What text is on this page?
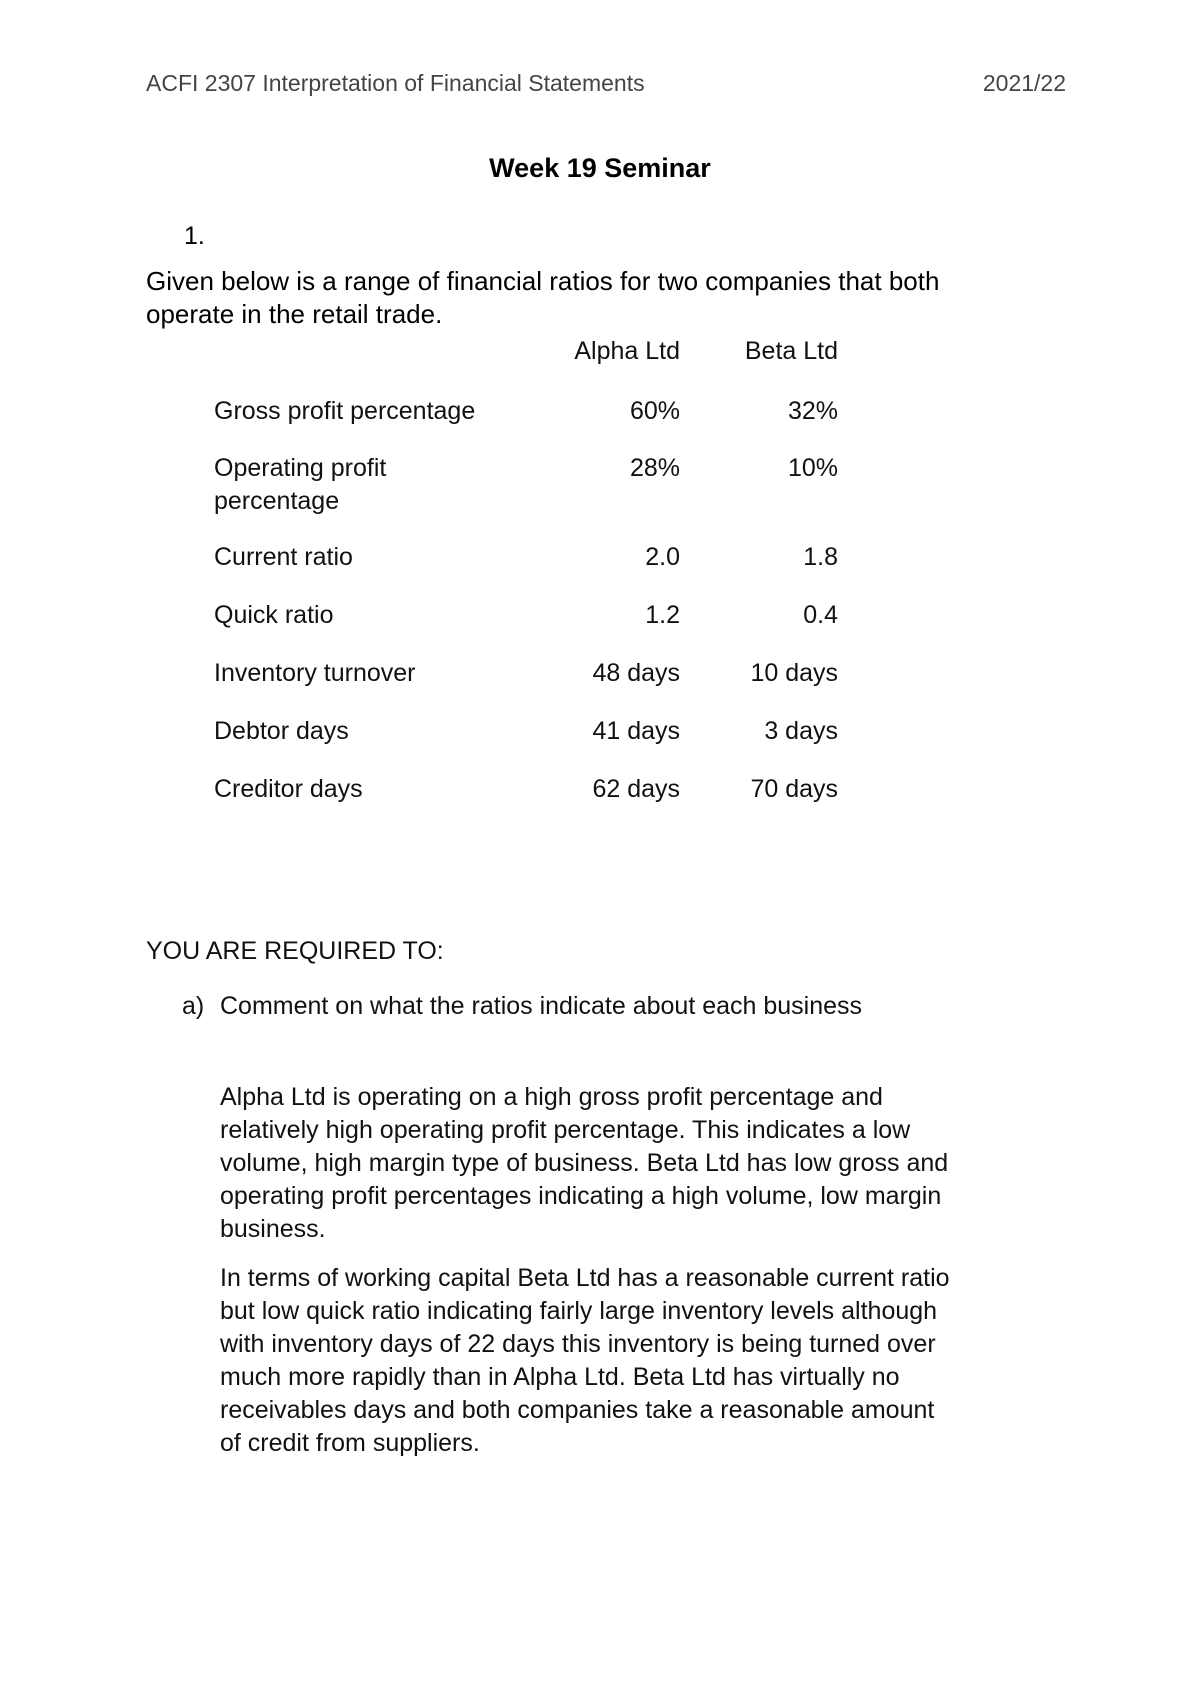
ACFI 2307 Interpretation of Financial Statements	2021/22
Week 19 Seminar
1.
Given below is a range of financial ratios for two companies that both
operate in the retail trade.
Alpha Ltd	Beta Ltd
Gross profit percentage	60%	32%
Operating profit
percentage
28%	10%
Current ratio	2.0	1.8
Quick ratio	1.2	0.4
Inventory turnover	48 days	10 days
Debtor days	41 days	3 days
Creditor days	62 days	70 days
YOU ARE REQUIRED TO:
a) Comment on what the ratios indicate about each business
Alpha Ltd is operating on a high gross profit percentage and
relatively high operating profit percentage. This indicates a low
volume, high margin type of business. Beta Ltd has low gross and
operating profit percentages indicating a high volume, low margin
business.
In terms of working capital Beta Ltd has a reasonable current ratio
but low quick ratio indicating fairly large inventory levels although
with inventory days of 22 days this inventory is being turned over
much more rapidly than in Alpha Ltd. Beta Ltd has virtually no
receivables days and both companies take a reasonable amount
of credit from suppliers.
